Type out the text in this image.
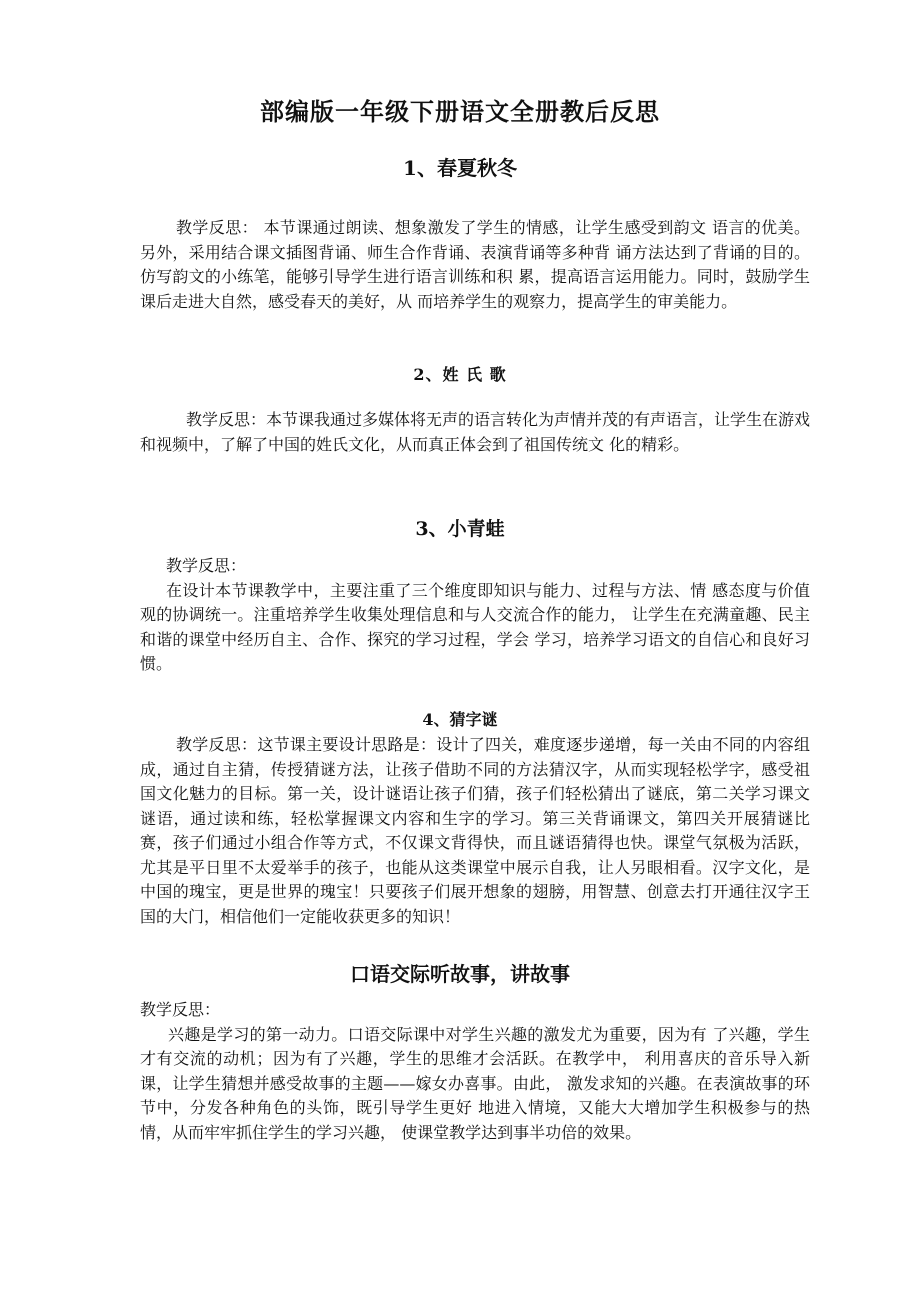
部编版一年级下册语文全册教后反思
1、春夏秋冬

教学反思： 本节课通过朗读、想象激发了学生的情感，让学生感受到韵文 语言的优美。另外，采用结合课文插图背诵、师生合作背诵、表演背诵等多种背 诵方法达到了背诵的目的。仿写韵文的小练笔，能够引导学生进行语言训练和积 累，提高语言运用能力。同时，鼓励学生课后走进大自然，感受春天的美好，从 而培养学生的观察力，提高学生的审美能力。

2、姓 氏 歌

教学反思：本节课我通过多媒体将无声的语言转化为声情并茂的有声语言，让学生在游戏和视频中，了解了中国的姓氏文化，从而真正体会到了祖国传统文 化的精彩。

3、小青蛙

教学反思：

在设计本节课教学中，主要注重了三个维度即知识与能力、过程与方法、情 感态度与价值观的协调统一。注重培养学生收集处理信息和与人交流合作的能力， 让学生在充满童趣、民主和谐的课堂中经历自主、合作、探究的学习过程，学会 学习，培养学习语文的自信心和良好习惯。

4、猜字谜

教学反思：这节课主要设计思路是：设计了四关，难度逐步递增，每一关由不同的内容组成，通过自主猜，传授猜谜方法，让孩子借助不同的方法猜汉字，从而实现轻松学字，感受祖国文化魅力的目标。第一关，设计谜语让孩子们猜，孩子们轻松猜出了谜底，第二关学习课文谜语，通过读和练，轻松掌握课文内容和生字的学习。第三关背诵课文，第四关开展猜谜比赛，孩子们通过小组合作等方式，不仅课文背得快，而且谜语猜得也快。课堂气氛极为活跃，尤其是平日里不太爱举手的孩子，也能从这类课堂中展示自我，让人另眼相看。汉字文化，是中国的瑰宝，更是世界的瑰宝！只要孩子们展开想象的翅膀，用智慧、创意去打开通往汉字王国的大门，相信他们一定能收获更多的知识！

口语交际听故事，讲故事

教学反思：

兴趣是学习的第一动力。口语交际课中对学生兴趣的激发尤为重要，因为有 了兴趣，学生才有交流的动机；因为有了兴趣，学生的思维才会活跃。在教学中， 利用喜庆的音乐导入新课，让学生猜想并感受故事的主题——嫁女办喜事。由此， 激发求知的兴趣。在表演故事的环节中，分发各种角色的头饰，既引导学生更好 地进入情境，又能大大增加学生积极参与的热情，从而牢牢抓住学生的学习兴趣， 使课堂教学达到事半功倍的效果。
